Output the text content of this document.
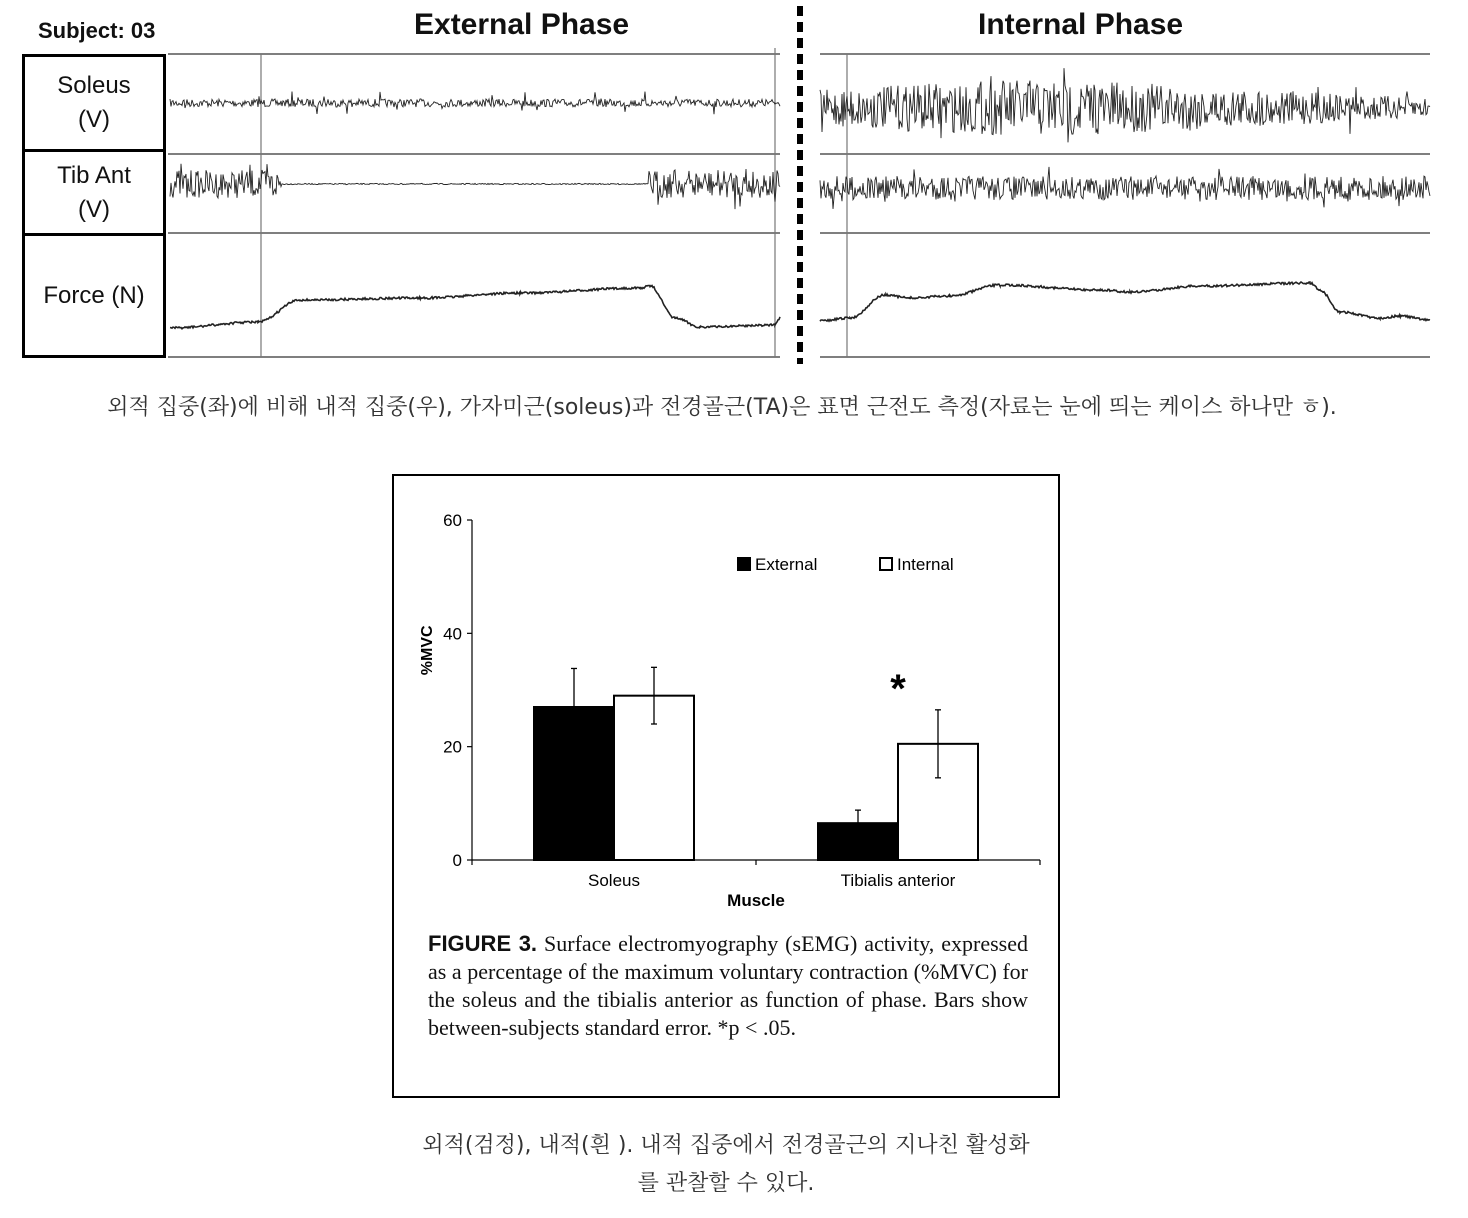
Subject: 03	External Phase	Internal Phase
Soleus
(V)
Tib Ant
(V)
Force (N)
외적 집중(좌)에 비해 내적 집중(우), 가자미근(soleus)과 전경골근(TA)은 표면 근전도 측정(자료는 눈에 띄는 케이스 하나만 ㅎ).
0
20
40
60
%MVC
Muscle
Soleus	Tibialis anterior
*
External	Internal
FIGURE 3. Surface electromyography (sEMG) activity, expressed as a percentage of the maximum voluntary contraction (%MVC) for the soleus and the tibialis anterior as function of phase. Bars show between-subjects standard error. *p < .05.
외적(검정), 내적(흰 ). 내적 집중에서 전경골근의 지나친 활성화
를 관찰할 수 있다.
